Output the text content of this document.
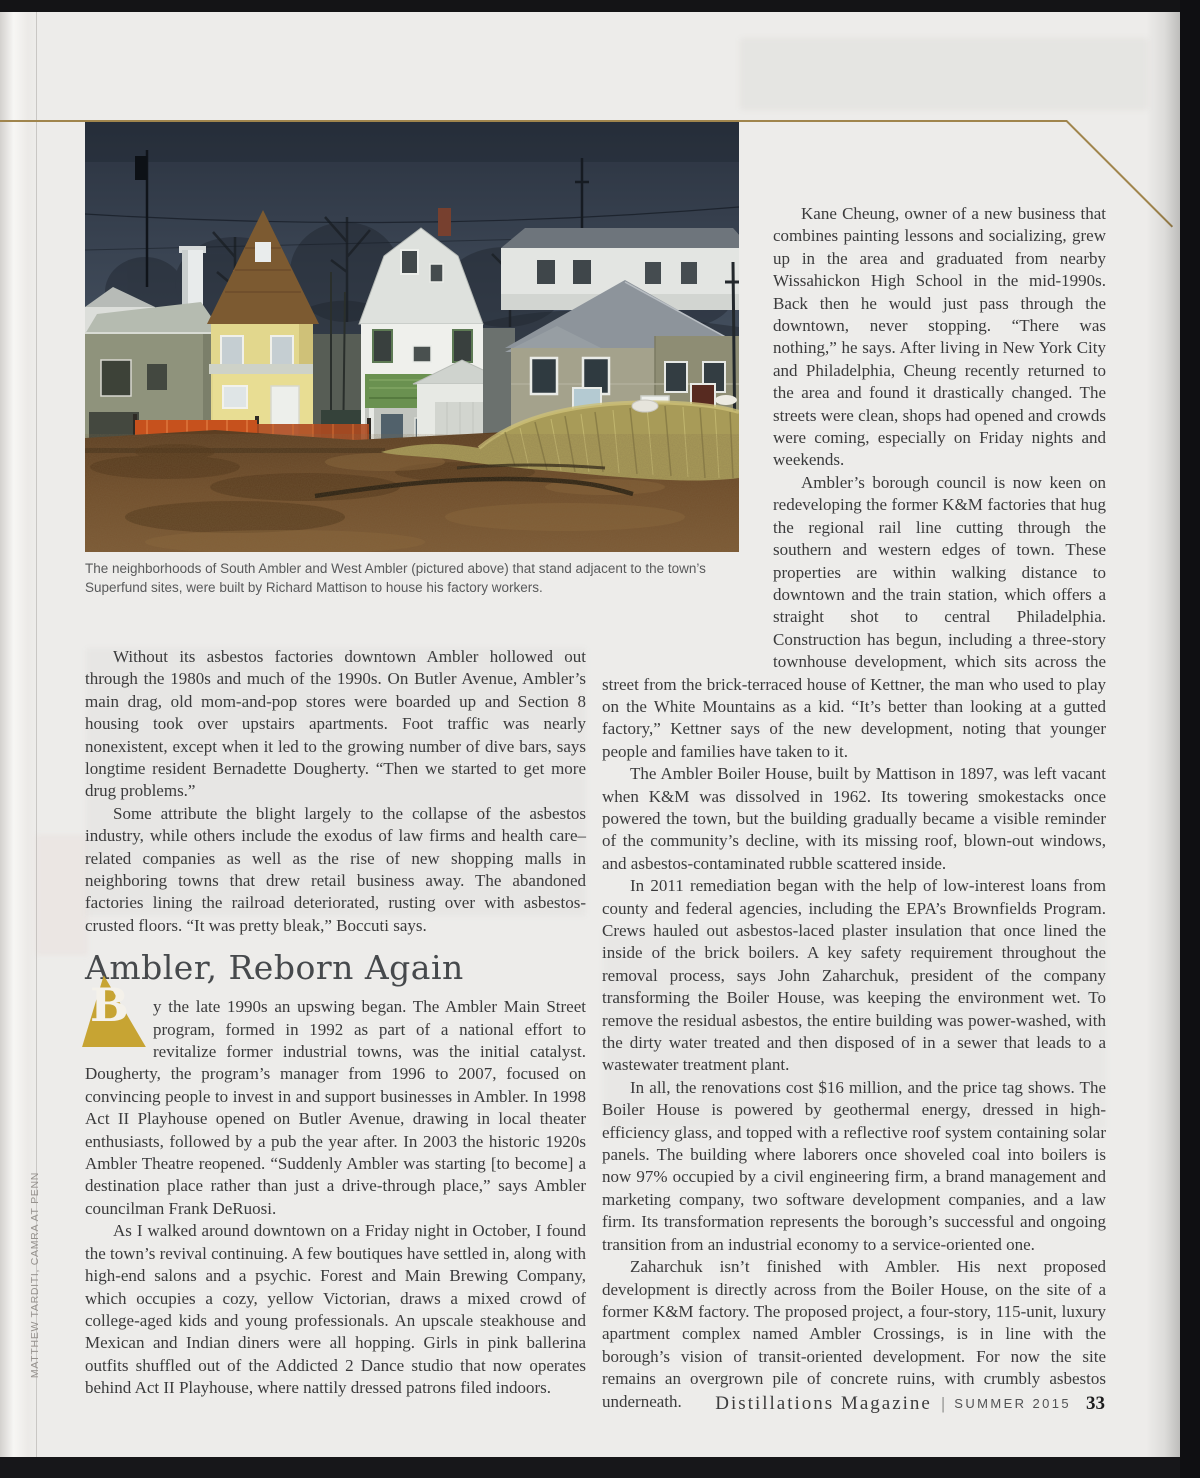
The neighborhoods of South Ambler and West Ambler (pictured above) that stand adjacent to the town’s Superfund sites, were built by Richard Mattison to house his factory workers.

Without its asbestos factories downtown Ambler hollowed out through the 1980s and much of the 1990s. On Butler Avenue, Ambler’s main drag, old mom-and-pop stores were boarded up and Section 8 housing took over upstairs apartments. Foot traffic was nearly nonexistent, except when it led to the growing number of dive bars, says longtime resident Bernadette Dougherty. “Then we started to get more drug problems.”

Some attribute the blight largely to the collapse of the asbestos industry, while others include the exodus of law firms and health care–related companies as well as the rise of new shopping malls in neighboring towns that drew retail business away. The abandoned factories lining the railroad deteriorated, rusting over with asbestos-crusted floors. “It was pretty bleak,” Boccuti says.

Ambler, Reborn Again

B y the late 1990s an upswing began. The Ambler Main Street program, formed in 1992 as part of a national effort to revitalize former industrial towns, was the initial catalyst. Dougherty, the program’s manager from 1996 to 2007, focused on convincing people to invest in and support businesses in Ambler. In 1998 Act II Playhouse opened on Butler Avenue, drawing in local theater enthusiasts, followed by a pub the year after. In 2003 the historic 1920s Ambler Theatre reopened. “Suddenly Ambler was starting [to become] a destination place rather than just a drive-through place,” says Ambler councilman Frank DeRuosi.

As I walked around downtown on a Friday night in October, I found the town’s revival continuing. A few boutiques have settled in, along with high-end salons and a psychic. Forest and Main Brewing Company, which occupies a cozy, yellow Victorian, draws a mixed crowd of college-aged kids and young professionals. An upscale steakhouse and Mexican and Indian diners were all hopping. Girls in pink ballerina outfits shuffled out of the Addicted 2 Dance studio that now operates behind Act II Playhouse, where nattily dressed patrons filed indoors.

Kane Cheung, owner of a new business that combines painting lessons and socializing, grew up in the area and graduated from nearby Wissahickon High School in the mid-1990s. Back then he would just pass through the downtown, never stopping. “There was nothing,” he says. After living in New York City and Philadelphia, Cheung recently returned to the area and found it drastically changed. The streets were clean, shops had opened and crowds were coming, especially on Friday nights and weekends.

Ambler’s borough council is now keen on redeveloping the former K&M factories that hug the regional rail line cutting through the southern and western edges of town. These properties are within walking distance to downtown and the train station, which offers a straight shot to central Philadelphia. Construction has begun, including a three-story townhouse development, which sits across the street from the brick-terraced house of Kettner, the man who used to play on the White Mountains as a kid. “It’s better than looking at a gutted factory,” Kettner says of the new development, noting that younger people and families have taken to it.

The Ambler Boiler House, built by Mattison in 1897, was left vacant when K&M was dissolved in 1962. Its towering smokestacks once powered the town, but the building gradually became a visible reminder of the community’s decline, with its missing roof, blown-out windows, and asbestos-contaminated rubble scattered inside.

In 2011 remediation began with the help of low-interest loans from county and federal agencies, including the EPA’s Brownfields Program. Crews hauled out asbestos-laced plaster insulation that once lined the inside of the brick boilers. A key safety requirement throughout the removal process, says John Zaharchuk, president of the company transforming the Boiler House, was keeping the environment wet. To remove the residual asbestos, the entire building was power-washed, with the dirty water treated and then disposed of in a sewer that leads to a wastewater treatment plant.

In all, the renovations cost $16 million, and the price tag shows. The Boiler House is powered by geothermal energy, dressed in high-efficiency glass, and topped with a reflective roof system containing solar panels. The building where laborers once shoveled coal into boilers is now 97% occupied by a civil engineering firm, a brand management and marketing company, two software development companies, and a law firm. Its transformation represents the borough’s successful and ongoing transition from an industrial economy to a service-oriented one.

Zaharchuk isn’t finished with Ambler. His next proposed development is directly across from the Boiler House, on the site of a former K&M factory. The proposed project, a four-story, 115-unit, luxury apartment complex named Ambler Crossings, is in line with the borough’s vision of transit-oriented development. For now the site remains an overgrown pile of concrete ruins, with crumbly asbestos underneath.	Distillations Magazine | SUMMER 2015 33
MATTHEW TARDITI, CAMRA AT PENN
